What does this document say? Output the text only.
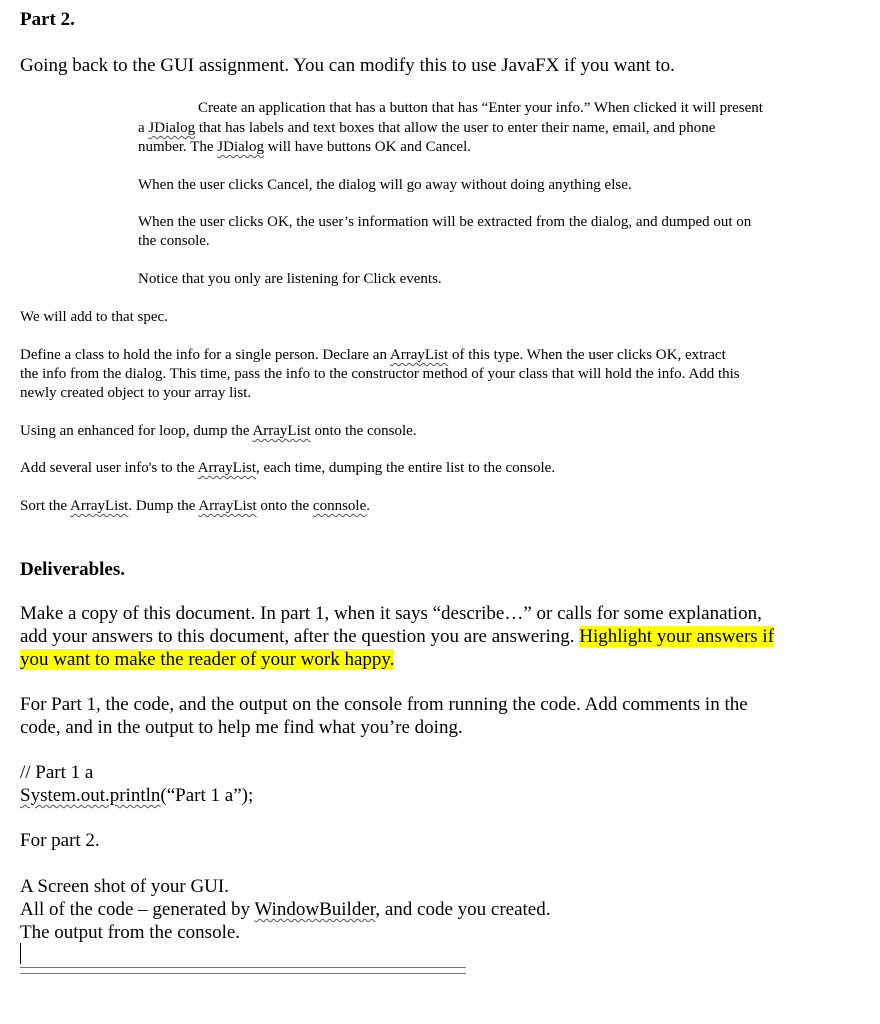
Part 2.
Going back to the GUI assignment. You can modify this to use JavaFX if you want to.
Create an application that has a button that has “Enter your info.” When clicked it will present
a JDialog that has labels and text boxes that allow the user to enter their name, email, and phone
number. The JDialog will have buttons OK and Cancel.
When the user clicks Cancel, the dialog will go away without doing anything else.
When the user clicks OK, the user’s information will be extracted from the dialog, and dumped out on
the console.
Notice that you only are listening for Click events.
We will add to that spec.
Define a class to hold the info for a single person. Declare an ArrayList of this type. When the user clicks OK, extract
the info from the dialog. This time, pass the info to the constructor method of your class that will hold the info. Add this
newly created object to your array list.
Using an enhanced for loop, dump the ArrayList onto the console.
Add several user info's to the ArrayList, each time, dumping the entire list to the console.
Sort the ArrayList. Dump the ArrayList onto the connsole.
Deliverables.
Make a copy of this document. In part 1, when it says “describe…” or calls for some explanation,
add your answers to this document, after the question you are answering. Highlight your answers if
you want to make the reader of your work happy.
For Part 1, the code, and the output on the console from running the code. Add comments in the
code, and in the output to help me find what you’re doing.
// Part 1 a
System.out.println(“Part 1 a”);
For part 2.
A Screen shot of your GUI.
All of the code – generated by WindowBuilder, and code you created.
The output from the console.
